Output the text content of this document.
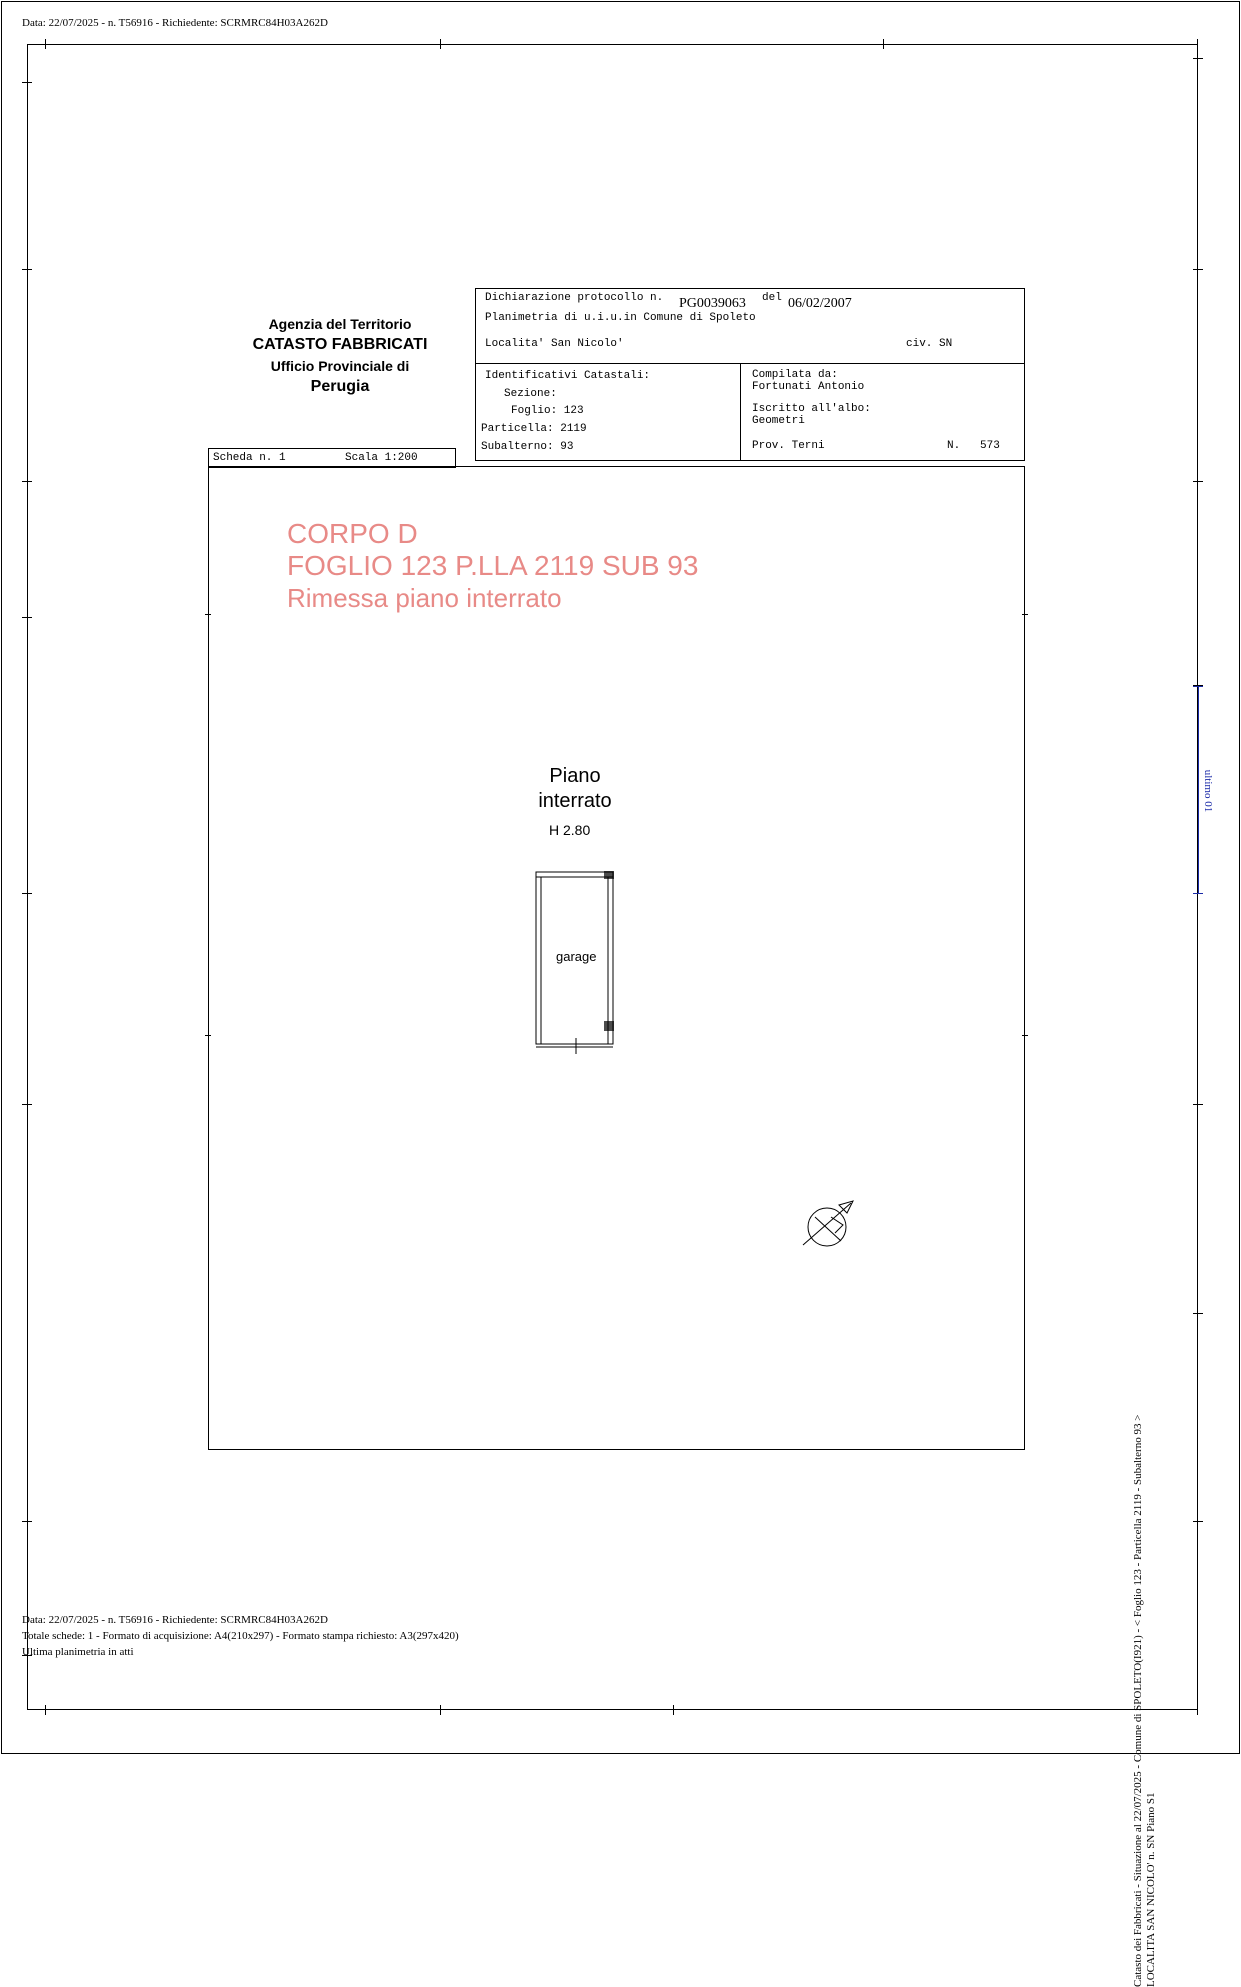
Data: 22/07/2025 - n. T56916 - Richiedente: SCRMRC84H03A262D
Agenzia del Territorio
CATASTO FABBRICATI
Ufficio Provinciale di
Perugia
Dichiarazione protocollo n. PG0039063 del 06/02/2007
Planimetria di u.i.u.in Comune di Spoleto
Localita' San Nicolo'	civ. SN
Identificativi Catastali:
Sezione:
Foglio: 123
Particella: 2119
Subalterno: 93
Compilata da:
Fortunati Antonio
Iscritto all'albo:
Geometri
Prov. Terni	N. 573
Scheda n. 1	Scala 1:200
CORPO D
FOGLIO 123 P.LLA 2119 SUB 93
Rimessa piano interrato
Piano
interrato
H 2.80
garage
ultimo 01
Catasto dei Fabbricati - Situazione al 22/07/2025 - Comune di SPOLETO(I921) - < Foglio 123 - Particella 2119 - Subalterno 93 > LOCALITA SAN NICOLO' n. SN Piano S1
Data: 22/07/2025 - n. T56916 - Richiedente: SCRMRC84H03A262D
Totale schede: 1 - Formato di acquisizione: A4(210x297) - Formato stampa richiesto: A3(297x420)
Ultima planimetria in atti
